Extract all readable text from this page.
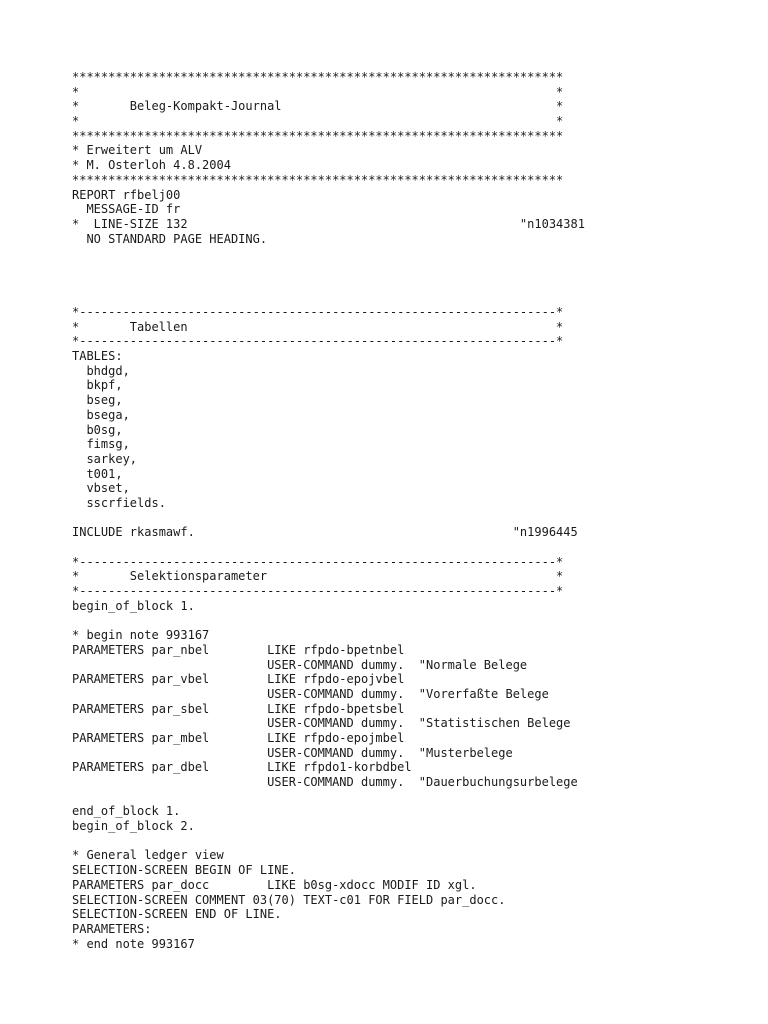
********************************************************************
*                                                                  *
*       Beleg-Kompakt-Journal                                      *
*                                                                  *
********************************************************************
* Erweitert um ALV
* M. Osterloh 4.8.2004
********************************************************************
REPORT rfbelj00
MESSAGE-ID fr
*  LINE-SIZE 132                                              "n1034381
NO STANDARD PAGE HEADING.

*------------------------------------------------------------------*
*       Tabellen                                                   *
*------------------------------------------------------------------*
TABLES:
bhdgd,
bkpf,
bseg,
bsega,
b0sg,
fimsg,
sarkey,
t001,
vbset,
sscrfields.

INCLUDE rkasmawf.                                            "n1996445

*------------------------------------------------------------------*
*       Selektionsparameter                                        *
*------------------------------------------------------------------*
begin_of_block 1.

* begin note 993167
PARAMETERS par_nbel        LIKE rfpdo-bpetnbel
USER-COMMAND dummy.  "Normale Belege
PARAMETERS par_vbel        LIKE rfpdo-epojvbel
USER-COMMAND dummy.  "Vorerfaßte Belege
PARAMETERS par_sbel        LIKE rfpdo-bpetsbel
USER-COMMAND dummy.  "Statistischen Belege
PARAMETERS par_mbel        LIKE rfpdo-epojmbel
USER-COMMAND dummy.  "Musterbelege
PARAMETERS par_dbel        LIKE rfpdo1-korbdbel
USER-COMMAND dummy.  "Dauerbuchungsurbelege

end_of_block 1.
begin_of_block 2.

* General ledger view
SELECTION-SCREEN BEGIN OF LINE.
PARAMETERS par_docc        LIKE b0sg-xdocc MODIF ID xgl.
SELECTION-SCREEN COMMENT 03(70) TEXT-c01 FOR FIELD par_docc.
SELECTION-SCREEN END OF LINE.
PARAMETERS:
* end note 993167
